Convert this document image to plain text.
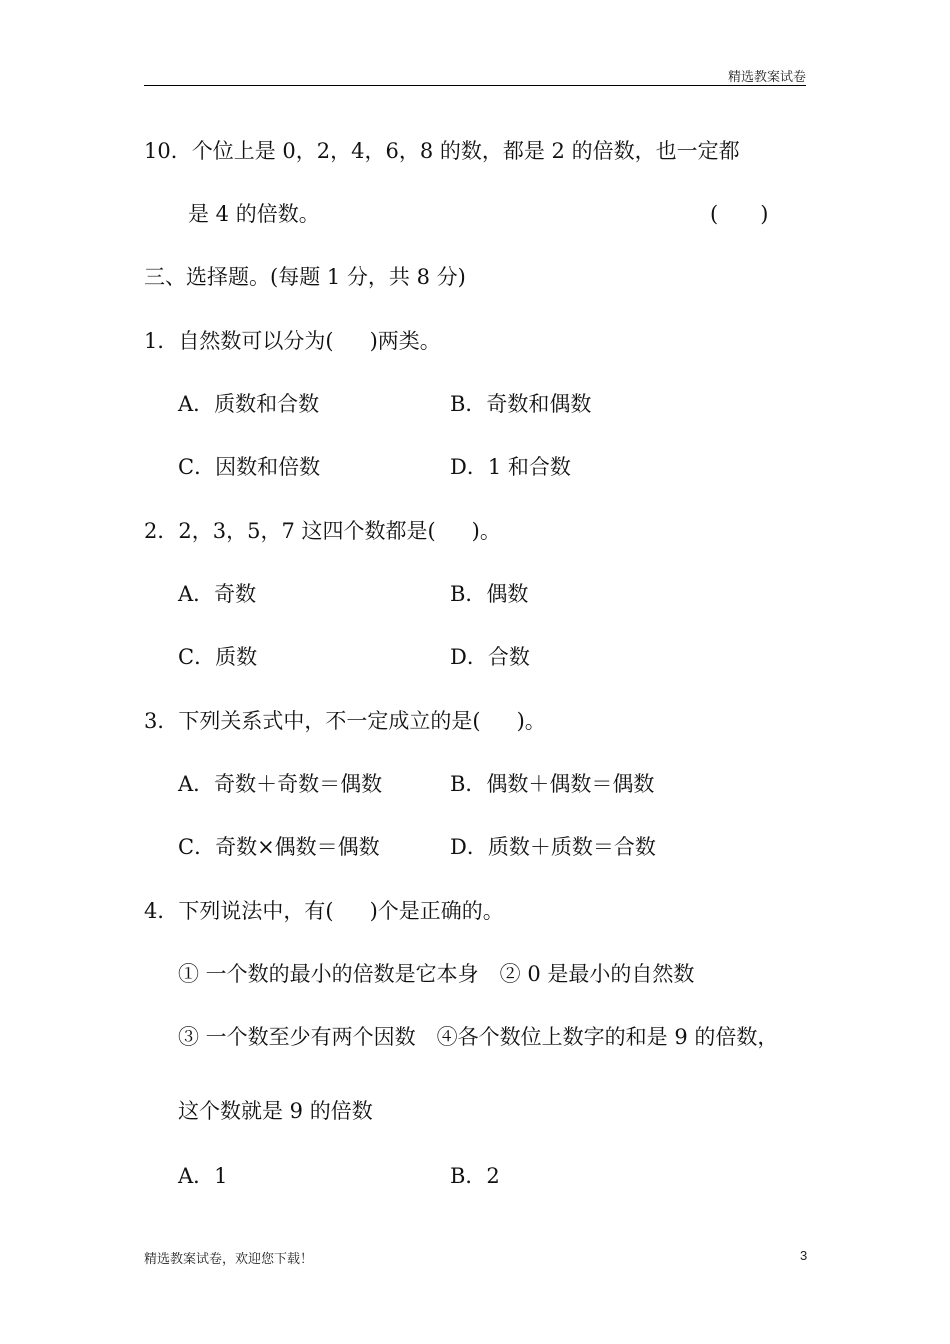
精选教案试卷
10．个位上是 0，2，4，6，8 的数，都是 2 的倍数，也一定都
是 4 的倍数。	(　　)
三、选择题。(每题 1 分，共 8 分)
1．自然数可以分为( )两类。
A．质数和合数	B．奇数和偶数
C．因数和倍数	D．1 和合数
2．2，3，5，7 这四个数都是( )。
A．奇数	B．偶数
C．质数	D．合数
3．下列关系式中，不一定成立的是( )。
A．奇数＋奇数＝偶数	B．偶数＋偶数＝偶数
C．奇数×偶数＝偶数	D．质数＋质数＝合数
4．下列说法中，有( )个是正确的。
① 一个数的最小的倍数是它本身　② 0 是最小的自然数
③ 一个数至少有两个因数　④各个数位上数字的和是 9 的倍数，
这个数就是 9 的倍数
A．1	B．2
精选教案试卷，欢迎您下载！	3
